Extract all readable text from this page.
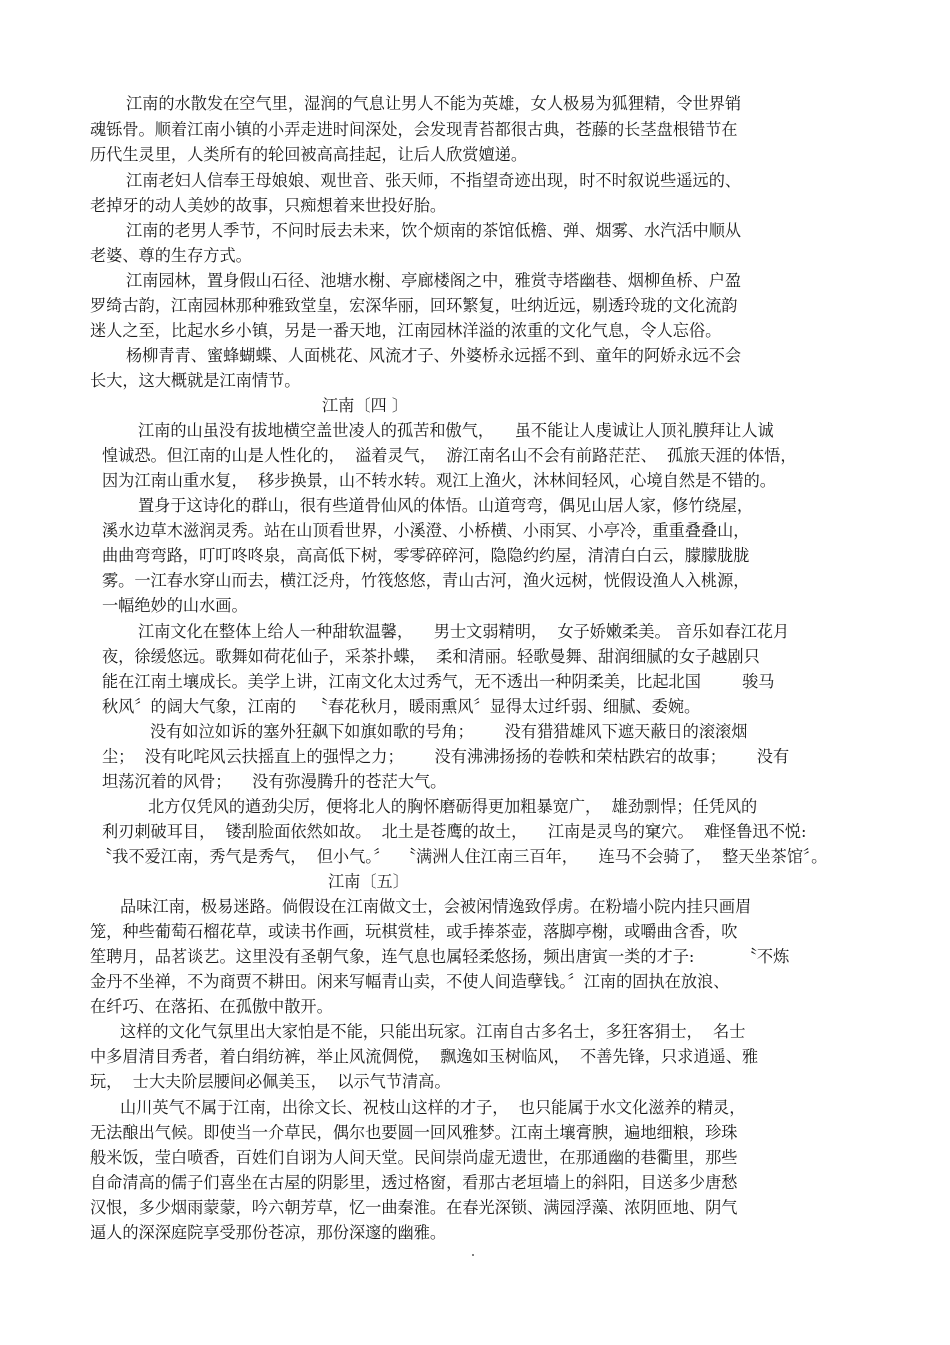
江南的水散发在空气里，湿润的气息让男人不能为英雄，女人极易为狐狸精，令世界销
魂铄骨。顺着江南小镇的小弄走进时间深处，会发现青苔都很古典，苍藤的长茎盘根错节在
历代生灵里，人类所有的轮回被高高挂起，让后人欣赏嬗递。
江南老妇人信奉王母娘娘、观世音、张天师，不指望奇迹出现，时不时叙说些遥远的、
老掉牙的动人美妙的故事，只痴想着来世投好胎。
江南的老男人季节，不问时辰去未来，饮个烦南的茶馆低檐、弹、烟雾、水汽活中顺从
老婆、尊的生存方式。
江南园林，置身假山石径、池塘水榭、亭廊楼阁之中，雅赏寺塔幽巷、烟柳鱼桥、户盈
罗绮古韵，江南园林那种雅致堂皇，宏深华丽，回环繁复，吐纳近远，剔透玲珑的文化流韵
迷人之至，比起水乡小镇，另是一番天地，江南园林洋溢的浓重的文化气息，令人忘俗。
杨柳青青、蜜蜂蝴蝶、人面桃花、风流才子、外婆桥永远摇不到、童年的阿娇永远不会
长大，这大概就是江南情节。
江南〔四 〕
江南的山虽没有拔地横空盖世凌人的孤苦和傲气，    虽不能让人虔诚让人顶礼膜拜让人诚
惶诚恐。但江南的山是人性化的，  溢着灵气，  游江南名山不会有前路茫茫、  孤旅天涯的体悟，
因为江南山重水复，  移步换景，山不转水转。观江上渔火，沐林间轻风，心境自然是不错的。
置身于这诗化的群山，很有些道骨仙风的体悟。山道弯弯，偶见山居人家，修竹绕屋，
溪水边草木滋润灵秀。站在山顶看世界，小溪澄、小桥横、小雨冥、小亭冷，重重叠叠山，
曲曲弯弯路，叮叮咚咚泉，高高低下树，零零碎碎河，隐隐约约屋，清清白白云，朦朦胧胧
雾。一江春水穿山而去，横江泛舟，竹筏悠悠，青山古河，渔火远树，恍假设渔人入桃源，
一幅绝妙的山水画。
江南文化在整体上给人一种甜软温馨，    男士文弱精明，  女子娇嫩柔美。 音乐如春江花月
夜，徐缓悠远。歌舞如荷花仙子，采茶扑蝶，  柔和清丽。轻歌曼舞、甜润细腻的女子越剧只
能在江南土壤成长。美学上讲，江南文化太过秀气，无不透出一种阴柔美，比起北国        骏马
秋风〞的阔大气象，江南的   〝春花秋月，暖雨熏风〞显得太过纤弱、细腻、委婉。
没有如泣如诉的塞外狂飙下如旗如歌的号角；      没有猎猎雄风下遮天蔽日的滚滚烟
尘；  没有叱咤风云扶摇直上的强悍之力；      没有沸沸扬扬的卷帙和荣枯跌宕的故事；      没有
坦荡沉着的风骨；    没有弥漫腾升的苍茫大气。
北方仅凭风的遒劲尖厉，便将北人的胸怀磨砺得更加粗暴宽广，  雄劲剽悍；任凭风的
利刃刺破耳目，  镂刮脸面依然如故。  北土是苍鹰的故土，    江南是灵鸟的窠穴。  难怪鲁迅不悦:
〝我不爱江南，秀气是秀气，  但小气。〞  〝满洲人住江南三百年，    连马不会骑了，  整天坐茶馆〞。
江南〔五〕
品味江南，极易迷路。倘假设在江南做文士，会被闲情逸致俘虏。在粉墙小院内挂只画眉
笼，种些葡萄石榴花草，或读书作画，玩棋赏桂，或手捧茶壶，落脚亭榭，或嚼曲含香，吹
笙聘月，品茗谈艺。这里没有圣朝气象，连气息也属轻柔悠扬，频出唐寅一类的才子:         〝不炼
金丹不坐禅，不为商贾不耕田。闲来写幅青山卖，不使人间造孽钱。〞江南的固执在放浪、
在纤巧、在落拓、在孤傲中散开。
这样的文化气氛里出大家怕是不能，只能出玩家。江南自古多名士，多狂客狷士，  名士
中多眉清目秀者，着白绢纺裤，举止风流倜傥，  飘逸如玉树临风，  不善先锋，只求逍遥、雅
玩，  士大夫阶层腰间必佩美玉，  以示气节清高。
山川英气不属于江南，出徐文长、祝枝山这样的才子，  也只能属于水文化滋养的精灵，
无法酿出气候。即使当一介草民，偶尔也要圆一回风雅梦。江南土壤膏腴，遍地细粮，珍珠
般米饭，莹白喷香，百姓们自诩为人间天堂。民间崇尚虚无遗世，在那通幽的巷衢里，那些
自命清高的儒子们喜坐在古屋的阴影里，透过格窗，看那古老垣墙上的斜阳，目送多少唐愁
汉恨，多少烟雨蒙蒙，吟六朝芳草，忆一曲秦淮。在春光深锁、满园浮藻、浓阴匝地、阴气
逼人的深深庭院享受那份苍凉，那份深邃的幽雅。
